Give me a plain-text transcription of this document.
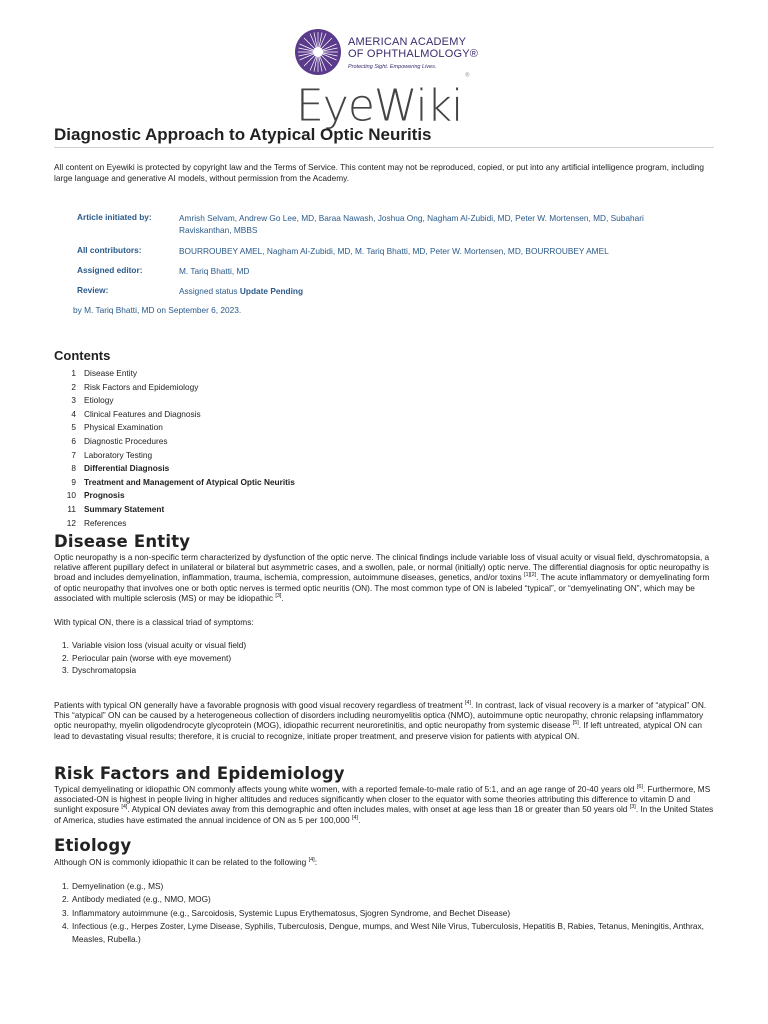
AMERICAN ACADEMY
OF OPHTHALMOLOGY®
Protecting Sight. Empowering Lives.
EyeWiki®
Diagnostic Approach to Atypical Optic Neuritis

All content on Eyewiki is protected by copyright law and the Terms of Service. This content may not be reproduced, copied, or put into any artificial intelligence program, including large language and generative AI models, without permission from the Academy.

Article initiated by:	Amrish Selvam, Andrew Go Lee, MD, Baraa Nawash, Joshua Ong, Nagham Al-Zubidi, MD, Peter W. Mortensen, MD, Subahari Raviskanthan, MBBS
All contributors:	BOURROUBEY AMEL, Nagham Al-Zubidi, MD, M. Tariq Bhatti, MD, Peter W. Mortensen, MD, BOURROUBEY AMEL
Assigned editor:	M. Tariq Bhatti, MD
Review:	Assigned status Update Pending
by M. Tariq Bhatti, MD on September 6, 2023.
Contents
1 Disease Entity
2 Risk Factors and Epidemiology
3 Etiology
4 Clinical Features and Diagnosis
5 Physical Examination
6 Diagnostic Procedures
7 Laboratory Testing
8 Differential Diagnosis
9 Treatment and Management of Atypical Optic Neuritis
10 Prognosis
11 Summary Statement
12 References
Disease Entity

Optic neuropathy is a non-specific term characterized by dysfunction of the optic nerve. The clinical findings include variable loss of visual acuity or visual field, dyschromatopsia, a relative afferent pupillary defect in unilateral or bilateral but asymmetric cases, and a swollen, pale, or normal (initially) optic nerve. The differential diagnosis for optic neuropathy is broad and includes demyelination, inflammation, trauma, ischemia, compression, autoimmune diseases, genetics, and/or toxins [1][2]. The acute inflammatory or demyelinating form of optic neuropathy that involves one or both optic nerves is termed optic neuritis (ON). The most common type of ON is labeled “typical”, or “demyelinating ON”, which may be associated with multiple sclerosis (MS) or may be idiopathic [3].

With typical ON, there is a classical triad of symptoms:

1. Variable vision loss (visual acuity or visual field)
2. Periocular pain (worse with eye movement)
3. Dyschromatopsia

Patients with typical ON generally have a favorable prognosis with good visual recovery regardless of treatment [4]. In contrast, lack of visual recovery is a marker of “atypical” ON. This “atypical” ON can be caused by a heterogeneous collection of disorders including neuromyelitis optica (NMO), autoimmune optic neuropathy, chronic relapsing inflammatory optic neuropathy, myelin oligodendrocyte glycoprotein (MOG), idiopathic recurrent neuroretinitis, and optic neuropathy from systemic disease [5]. If left untreated, atypical ON can lead to devastating visual results; therefore, it is crucial to recognize, initiate proper treatment, and preserve vision for patients with atypical ON.

Risk Factors and Epidemiology

Typical demyelinating or idiopathic ON commonly affects young white women, with a reported female-to-male ratio of 5:1, and an age range of 20-40 years old [6]. Furthermore, MS associated-ON is highest in people living in higher altitudes and reduces significantly when closer to the equator with some theories attributing this difference to vitamin D and sunlight exposure [4]. Atypical ON deviates away from this demographic and often includes males, with onset at age less than 18 or greater than 50 years old [3]. In the United States of America, studies have estimated the annual incidence of ON as 5 per 100,000 [4].

Etiology

Although ON is commonly idiopathic it can be related to the following [4]:

1. Demyelination (e.g., MS)
2. Antibody mediated (e.g., NMO, MOG)
3. Inflammatory autoimmune (e.g., Sarcoidosis, Systemic Lupus Erythematosus, Sjogren Syndrome, and Bechet Disease)
4. Infectious (e.g., Herpes Zoster, Lyme Disease, Syphilis, Tuberculosis, Dengue, mumps, and West Nile Virus, Tuberculosis, Hepatitis B, Rabies, Tetanus, Meningitis, Anthrax, Measles, Rubella.)
